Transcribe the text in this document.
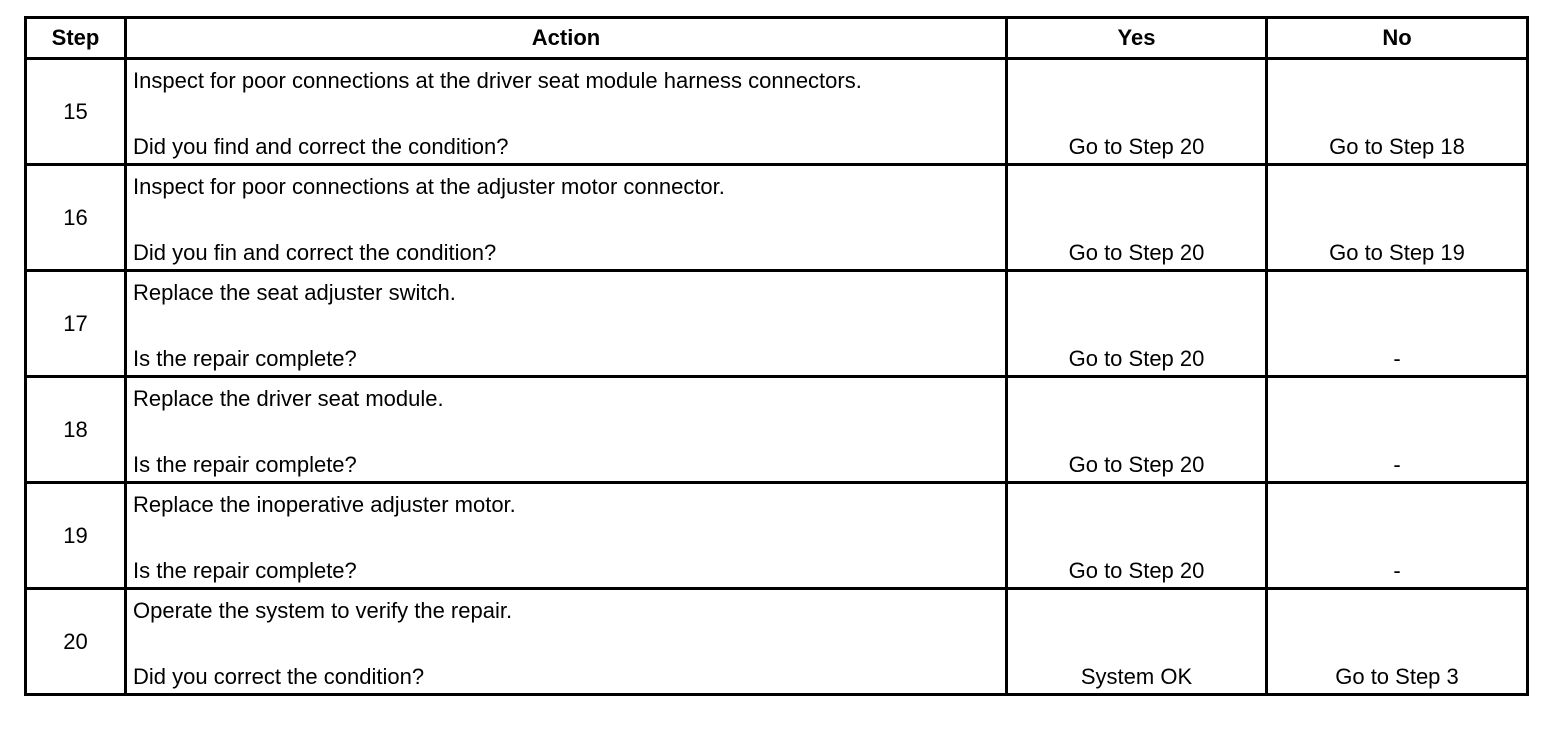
Step	Action	Yes	No
15	Inspect for poor connections at the driver seat module harness connectors.
Did you find and correct the condition?	Go to Step 20	Go to Step 18

16	Inspect for poor connections at the adjuster motor connector.
Did you fin and correct the condition?	Go to Step 20	Go to Step 19

17	Replace the seat adjuster switch.
Is the repair complete?	Go to Step 20	-

18	Replace the driver seat module.
Is the repair complete?	Go to Step 20	-

19	Replace the inoperative adjuster motor.
Is the repair complete?	Go to Step 20	-

20	Operate the system to verify the repair.
Did you correct the condition?	System OK	Go to Step 3
